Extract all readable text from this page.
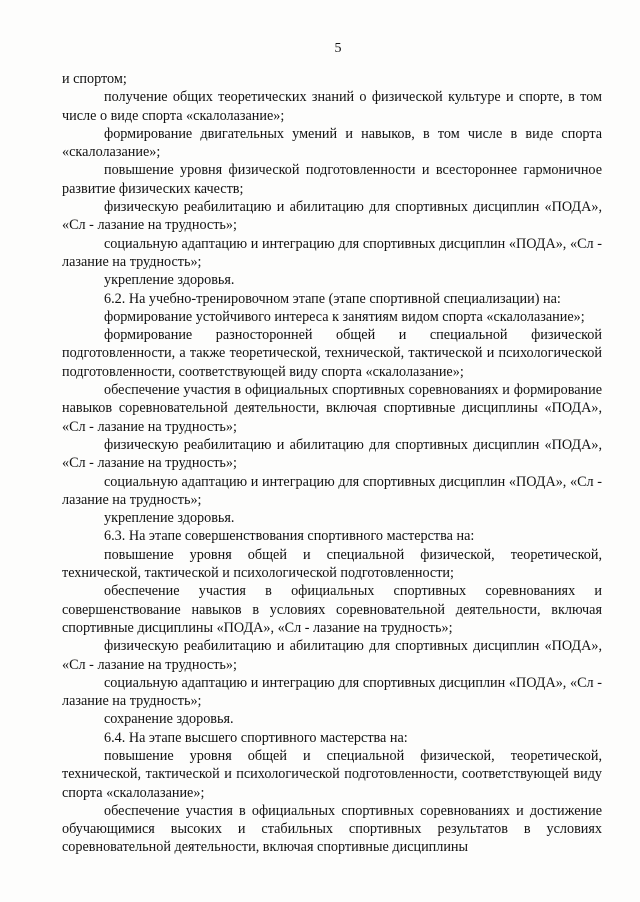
5

и спортом;

получение общих теоретических знаний о физической культуре и спорте, в том числе о виде спорта «скалолазание»;

формирование двигательных умений и навыков, в том числе в виде спорта «скалолазание»;

повышение уровня физической подготовленности и всестороннее гармоничное развитие физических качеств;

физическую реабилитацию и абилитацию для спортивных дисциплин «ПОДА», «Сл - лазание на трудность»;

социальную адаптацию и интеграцию для спортивных дисциплин «ПОДА», «Сл - лазание на трудность»;

укрепление здоровья.

6.2. На учебно-тренировочном этапе (этапе спортивной специализации) на:

формирование устойчивого интереса к занятиям видом спорта «скалолазание»;

формирование разносторонней общей и специальной физической подготовленности, а также теоретической, технической, тактической и психологической подготовленности, соответствующей виду спорта «скалолазание»;

обеспечение участия в официальных спортивных соревнованиях и формирование навыков соревновательной деятельности, включая спортивные дисциплины «ПОДА», «Сл - лазание на трудность»;

физическую реабилитацию и абилитацию для спортивных дисциплин «ПОДА», «Сл - лазание на трудность»;

социальную адаптацию и интеграцию для спортивных дисциплин «ПОДА», «Сл - лазание на трудность»;

укрепление здоровья.

6.3. На этапе совершенствования спортивного мастерства на:

повышение уровня общей и специальной физической, теоретической, технической, тактической и психологической подготовленности;

обеспечение участия в официальных спортивных соревнованиях и совершенствование навыков в условиях соревновательной деятельности, включая спортивные дисциплины «ПОДА», «Сл - лазание на трудность»;

физическую реабилитацию и абилитацию для спортивных дисциплин «ПОДА», «Сл - лазание на трудность»;

социальную адаптацию и интеграцию для спортивных дисциплин «ПОДА», «Сл - лазание на трудность»;

сохранение здоровья.

6.4. На этапе высшего спортивного мастерства на:

повышение уровня общей и специальной физической, теоретической, технической, тактической и психологической подготовленности, соответствующей виду спорта «скалолазание»;

обеспечение участия в официальных спортивных соревнованиях и достижение обучающимися высоких и стабильных спортивных результатов в условиях соревновательной деятельности, включая спортивные дисциплины
